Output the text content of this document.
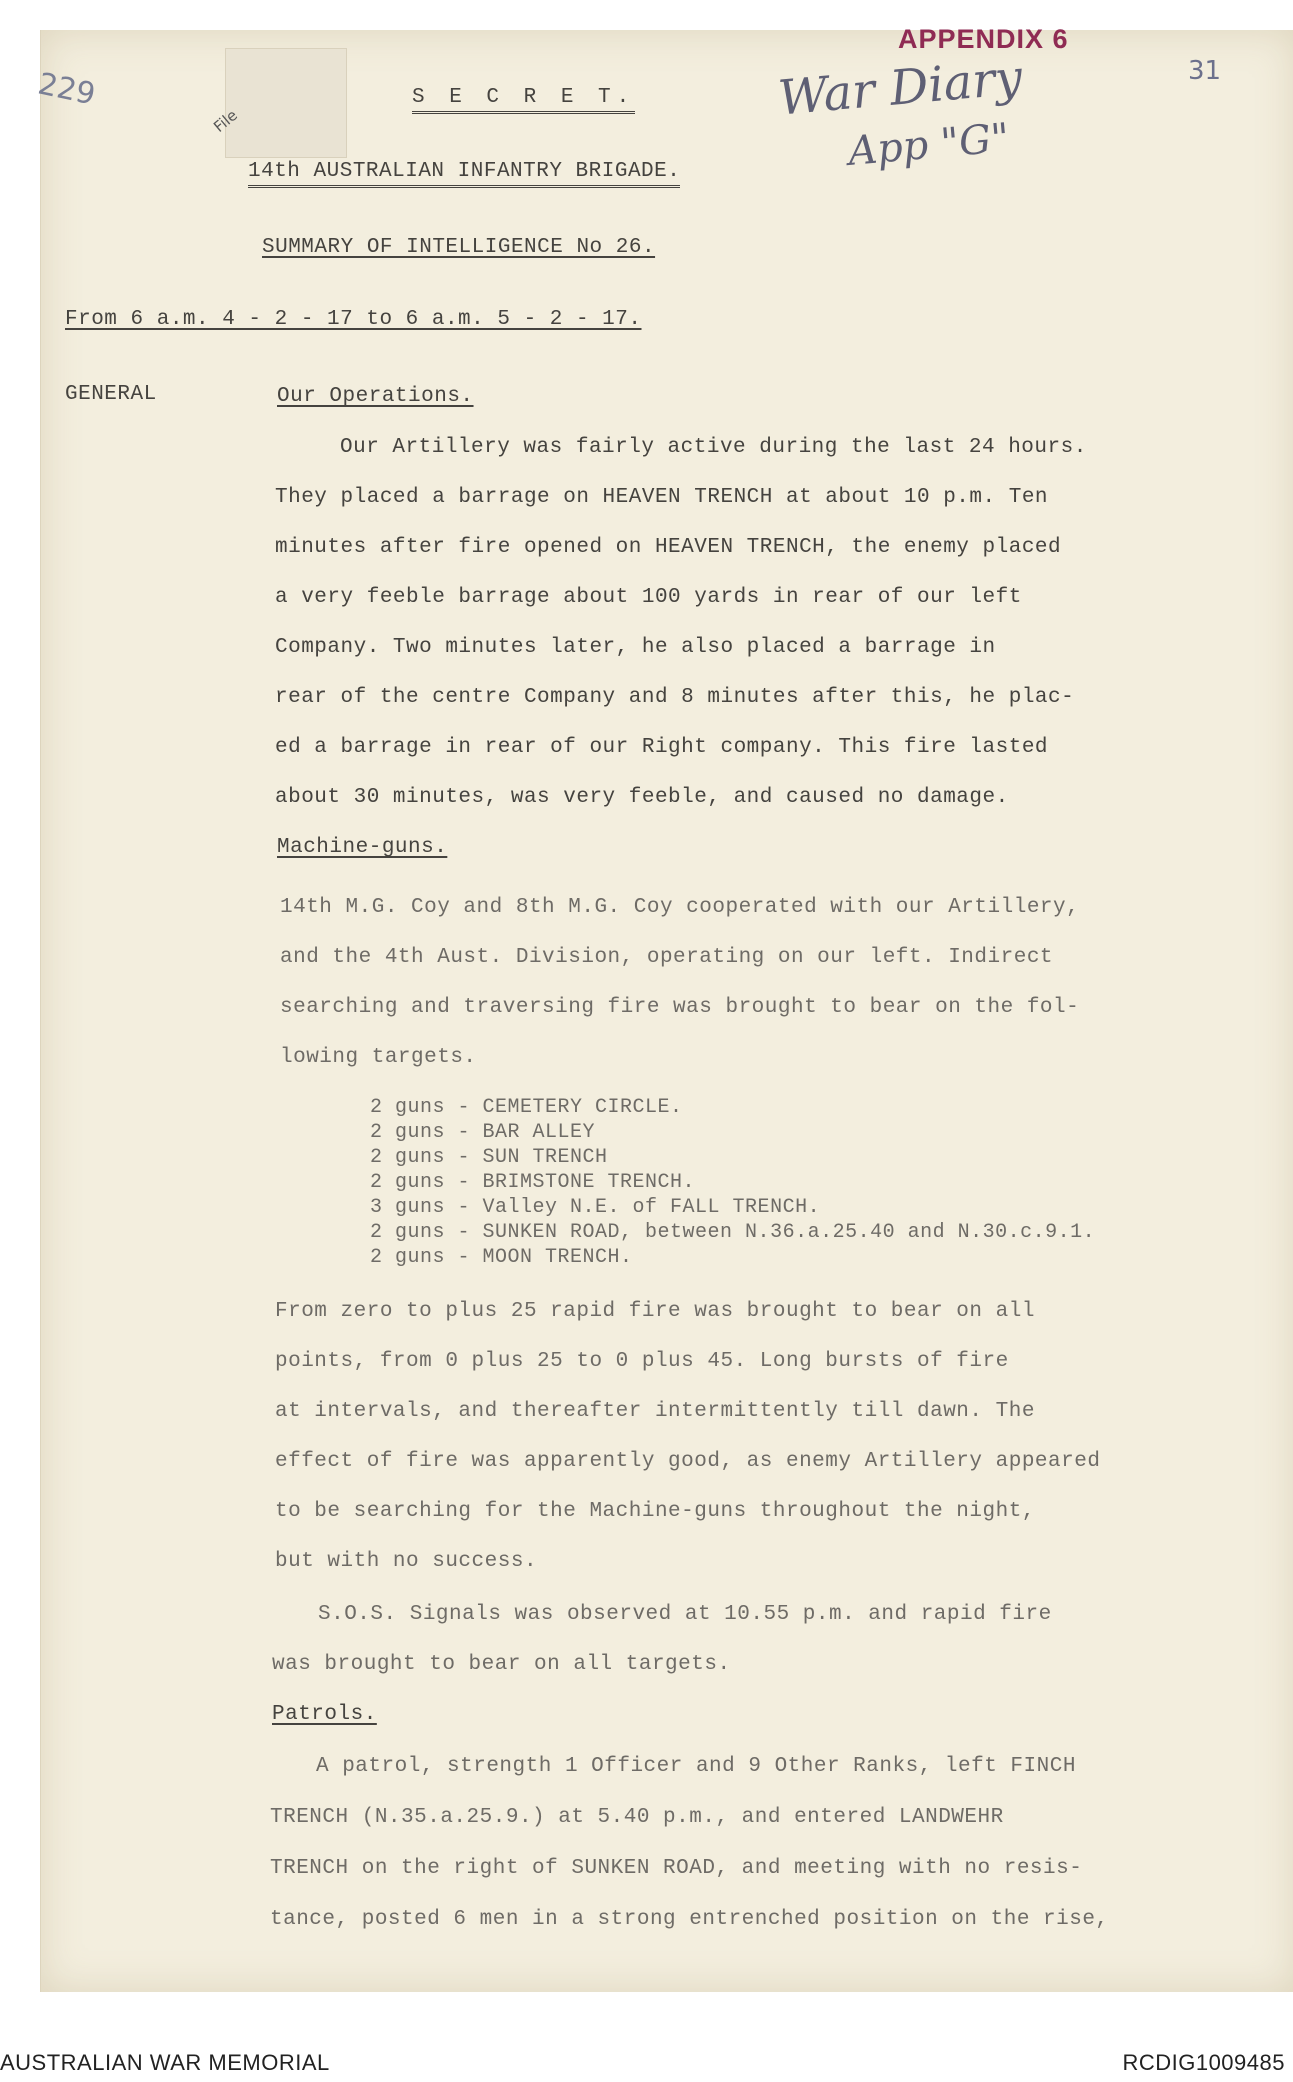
229
File
APPENDIX 6
31
War Diary
App "G"
S E C R E T.
14th AUSTRALIAN INFANTRY BRIGADE.
SUMMARY OF INTELLIGENCE No 26.
From 6 a.m. 4 - 2 - 17 to 6 a.m. 5 - 2 - 17.
GENERAL	Our Operations.
Our Artillery was fairly active during the last 24 hours.
They placed a barrage on HEAVEN TRENCH at about 10 p.m. Ten
minutes after fire opened on HEAVEN TRENCH, the enemy placed
a very feeble barrage about 100 yards in rear of our left
Company. Two minutes later, he also placed a barrage in
rear of the centre Company and 8 minutes after this, he plac-
ed a barrage in rear of our Right company. This fire lasted
about 30 minutes, was very feeble, and caused no damage.
Machine-guns.
14th M.G. Coy and 8th M.G. Coy cooperated with our Artillery,
and the 4th Aust. Division, operating on our left. Indirect
searching and traversing fire was brought to bear on the fol-
lowing targets.
2 guns - CEMETERY CIRCLE.
2 guns - BAR ALLEY
2 guns - SUN TRENCH
2 guns - BRIMSTONE TRENCH.
3 guns - Valley N.E. of FALL TRENCH.
2 guns - SUNKEN ROAD, between N.36.a.25.40 and N.30.c.9.1.
2 guns - MOON TRENCH.
From zero to plus 25 rapid fire was brought to bear on all
points, from 0 plus 25 to 0 plus 45. Long bursts of fire
at intervals, and thereafter intermittently till dawn. The
effect of fire was apparently good, as enemy Artillery appeared
to be searching for the Machine-guns throughout the night,
but with no success.
S.O.S. Signals was observed at 10.55 p.m. and rapid fire
was brought to bear on all targets.
Patrols.
A patrol, strength 1 Officer and 9 Other Ranks, left FINCH
TRENCH (N.35.a.25.9.) at 5.40 p.m., and entered LANDWEHR
TRENCH on the right of SUNKEN ROAD, and meeting with no resis-
tance, posted 6 men in a strong entrenched position on the rise,
AUSTRALIAN WAR MEMORIAL	RCDIG1009485
